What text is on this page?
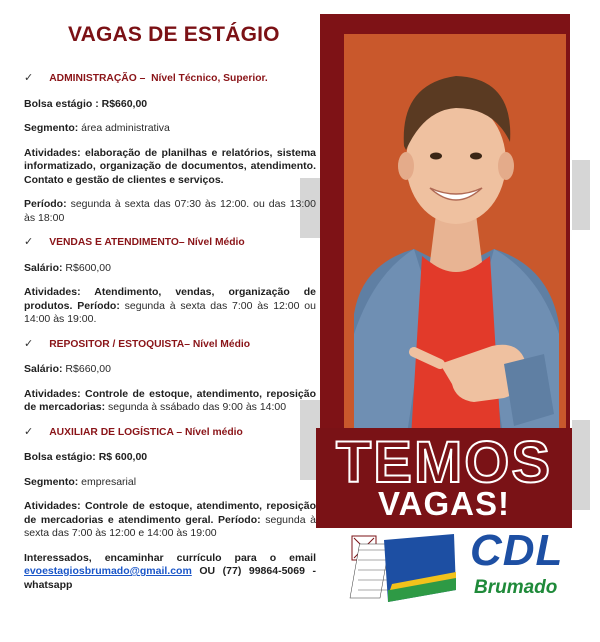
VAGAS DE ESTÁGIO
✓ ADMINISTRAÇÃO –
Nível Técnico, Superior.
Bolsa estágio : R$660,00
Segmento: área administrativa
Atividades: elaboração de planilhas e relatórios, sistema informatizado, organização de documentos, atendimento. Contato e gestão de clientes e serviços.
Período: segunda à sexta das 07:30 às 12:00. ou das 13:00 às 18:00
✓ VENDAS E ATENDIMENTO– Nível Médio
Salário: R$600,00
Atividades: Atendimento, vendas, organização de produtos. Período: segunda à sexta das 7:00 às 12:00 ou 14:00 às 19:00.
✓ REPOSITOR / ESTOQUISTA– Nível Médio
Salário: R$660,00
Atividades: Controle de estoque, atendimento, reposição de mercadorias: segunda à ssábado das 9:00 às 14:00
✓ AUXILIAR DE LOGÍSTICA – Nível médio
Bolsa estágio: R$ 600,00
Segmento: empresarial
Atividades: Controle de estoque, atendimento, reposição de mercadorias e atendimento geral. Período: segunda à sexta das 7:00 às 12:00 e 14:00 às 19:00
Interessados, encaminhar currículo para o email evoestagiosbrumado@gmail.com OU (77) 99864-5069 - whatsapp
TEMOS
VAGAS!
CDL
Brumado
